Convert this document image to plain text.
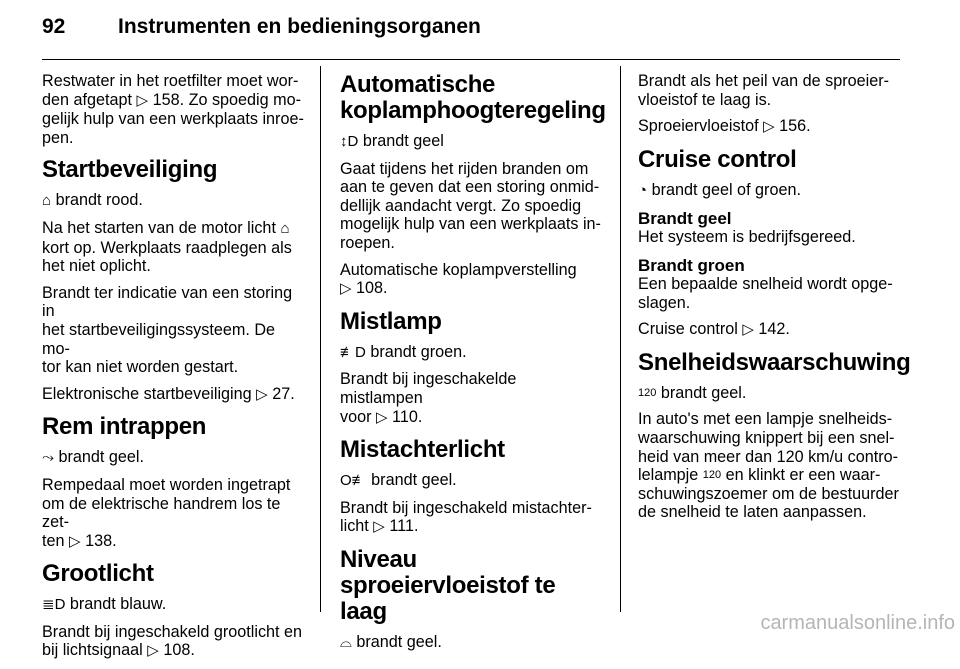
92	Instrumenten en bedieningsorganen

Restwater in het roetfilter moet wor-
den afgetapt ▷ 158. Zo spoedig mo-
gelijk hulp van een werkplaats inroe-
pen.

Startbeveiliging

⌂ brandt rood.

Na het starten van de motor licht ⌂
kort op. Werkplaats raadplegen als
het niet oplicht.

Brandt ter indicatie van een storing in
het startbeveiligingssysteem. De mo-
tor kan niet worden gestart.

Elektronische startbeveiliging ▷ 27.

Rem intrappen

⤳ brandt geel.

Rempedaal moet worden ingetrapt
om de elektrische handrem los te zet-
ten ▷ 138.

Grootlicht

≣D brandt blauw.

Brandt bij ingeschakeld grootlicht en
bij lichtsignaal ▷ 108.

Automatische
koplamphoogteregeling

↕D brandt geel

Gaat tijdens het rijden branden om
aan te geven dat een storing onmid-
dellijk aandacht vergt. Zo spoedig
mogelijk hulp van een werkplaats in-
roepen.

Automatische koplampverstelling
▷ 108.

Mistlamp

≢D brandt groen.

Brandt bij ingeschakelde mistlampen
voor ▷ 110.

Mistachterlicht

O≢ brandt geel.

Brandt bij ingeschakeld mistachter-
licht ▷ 111.

Niveau sproeiervloeistof te
laag

⌓ brandt geel.

Brandt als het peil van de sproeier-
vloeistof te laag is.

Sproeiervloeistof ▷ 156.

Cruise control

◔ brandt geel of groen.

Brandt geel

Het systeem is bedrijfsgereed.

Brandt groen

Een bepaalde snelheid wordt opge-
slagen.

Cruise control ▷ 142.

Snelheidswaarschuwing

120 brandt geel.

In auto's met een lampje snelheids-
waarschuwing knippert bij een snel-
heid van meer dan 120 km/u contro-
lelampje 120 en klinkt er een waar-
schuwingszoemer om de bestuurder
de snelheid te laten aanpassen.

carmanualsonline.info
